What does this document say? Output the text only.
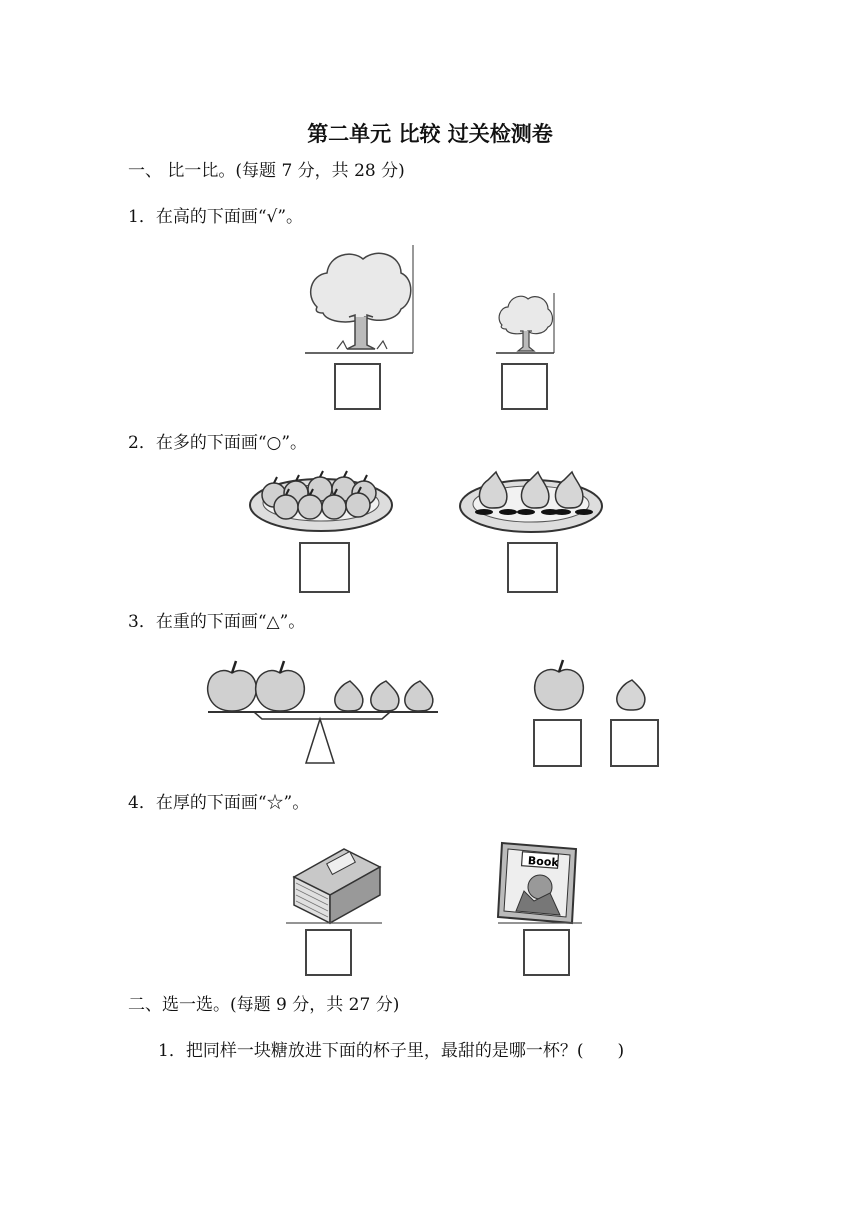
第二单元 比较 过关检测卷
一、 比一比。(每题 7 分，共 28 分)
1．在高的下面画“√”。
2．在多的下面画“○”。
3．在重的下面画“△”。
4．在厚的下面画“☆”。
Book
二、选一选。(每题 9 分，共 27 分)
1．把同样一块糖放进下面的杯子里，最甜的是哪一杯？(　　)
